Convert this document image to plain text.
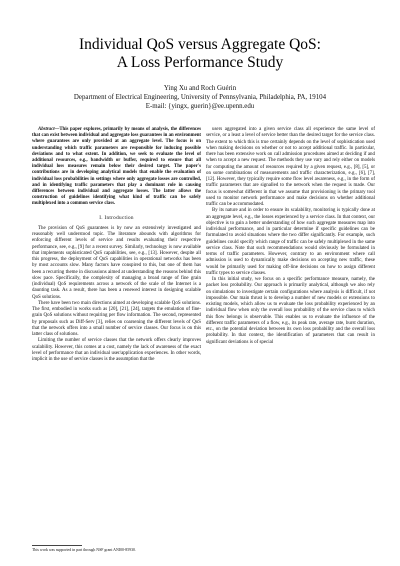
Individual QoS versus Aggregate QoS:
A Loss Performance Study
Ying Xu and Roch Guérin
Department of Electrical Engineering, University of Pennsylvania, Philadelphia, PA, 19104
E-mail: {yingx, guerin}@ee.upenn.edu

Abstract—This paper explores, primarily by means of analysis, the differences that can exist between individual and aggregate loss guarantees in an environment where guarantees are only provided at an aggregate level. The focus is on understanding which traffic parameters are responsible for inducing possible deviations and to what extent. In addition, we seek to evaluate the level of additional resources, e.g., bandwidth or buffer, required to ensure that all individual loss measures remain below their desired target. The paper's contributions are in developing analytical models that enable the evaluation of individual loss probabilities in settings where only aggregate losses are controlled, and in identifying traffic parameters that play a dominant role in causing differences between individual and aggregate losses. The latter allows the construction of guidelines identifying what kind of traffic can be safely multiplexed into a common service class.

I. Introduction

The provision of QoS guarantees is by now an extensively investigated and reasonably well understood topic. The literature abounds with algorithms for enforcing different levels of service and results evaluating their respective performance, see, e.g., [9] for a recent survey. Similarly, technology is now available that implements sophisticated QoS capabilities, see, e.g., [13]. However, despite all this progress, the deployment of QoS capabilities in operational networks has been by most accounts slow. Many factors have conspired to this, but one of them has been a recurring theme in discussions aimed at understanding the reasons behind this slow pace. Specifically, the complexity of managing a broad range of fine grain (individual) QoS requirements across a network of the scale of the Internet is a daunting task. As a result, there has been a renewed interest in designing scalable QoS solutions.

There have been two main directions aimed at developing scalable QoS solutions. The first, embodied in works such as [20], [21], [24], targets the emulation of fine-grain QoS solutions without requiring per flow information. The second, represented by proposals such as Diff-Serv [3], relies on coarsening the different levels of QoS that the network offers into a small number of service classes. Our focus is on this latter class of solutions.

Limiting the number of service classes that the network offers clearly improves scalability. However, this comes at a cost, namely the lack of awareness of the exact level of performance that an individual user/application experiences. In other words, implicit in the use of service classes is the assumption that the

This work was supported in part through NSF grant ANI00-85930.

users aggregated into a given service class all experience the same level of service, or a least a level of service better than the desired target for the service class. The extent to which this is true certainly depends on the level of sophistication used when making decisions on whether or not to accept additional traffic. In particular, there has been extensive work on call admission procedures aimed at deciding if and when to accept a new request. The methods they use vary and rely either on models for computing the amount of resources required by a given request, e.g., [8], [5], or on some combinations of measurements and traffic characterization, e.g., [6], [7], [12]. However, they typically require some flow level awareness, e.g., in the form of traffic parameters that are signalled to the network when the request is made. Our focus is somewhat different in that we assume that provisioning is the primary tool used to monitor network performance and make decisions on whether additional traffic can be accommodated.

By its nature and in order to ensure its scalability, monitoring is typically done at an aggregate level, e.g., the losses experienced by a service class. In that context, our objective is to gain a better understanding of how such aggregate measures map into individual performance, and in particular determine if specific guidelines can be formulated to avoid situations where the two differ significantly. For example, such guidelines could specify which range of traffic can be safely multiplexed in the same service class. Note that such recommendations would obviously be formulated in terms of traffic parameters. However, contrary to an environment where call admission is used to dynamically make decisions on accepting new traffic, these would be primarily used for making off-line decisions on how to assign different traffic types to service classes.

In this initial study, we focus on a specific performance measure, namely, the packet loss probability. Our approach is primarily analytical, although we also rely on simulations to investigate certain configurations where analysis is difficult, if not impossible. Our main thrust is to develop a number of new models or extensions to existing models, which allow us to evaluate the loss probability experienced by an individual flow when only the overall loss probability of the service class to which this flow belongs is observable. This enables us to evaluate the influence of the different traffic parameters of a flow, e.g., its peak rate, average rate, burst duration, etc., on the potential deviation between its own loss probability and the overall loss probability. In that context, the identification of parameters that can result in significant deviations is of special
